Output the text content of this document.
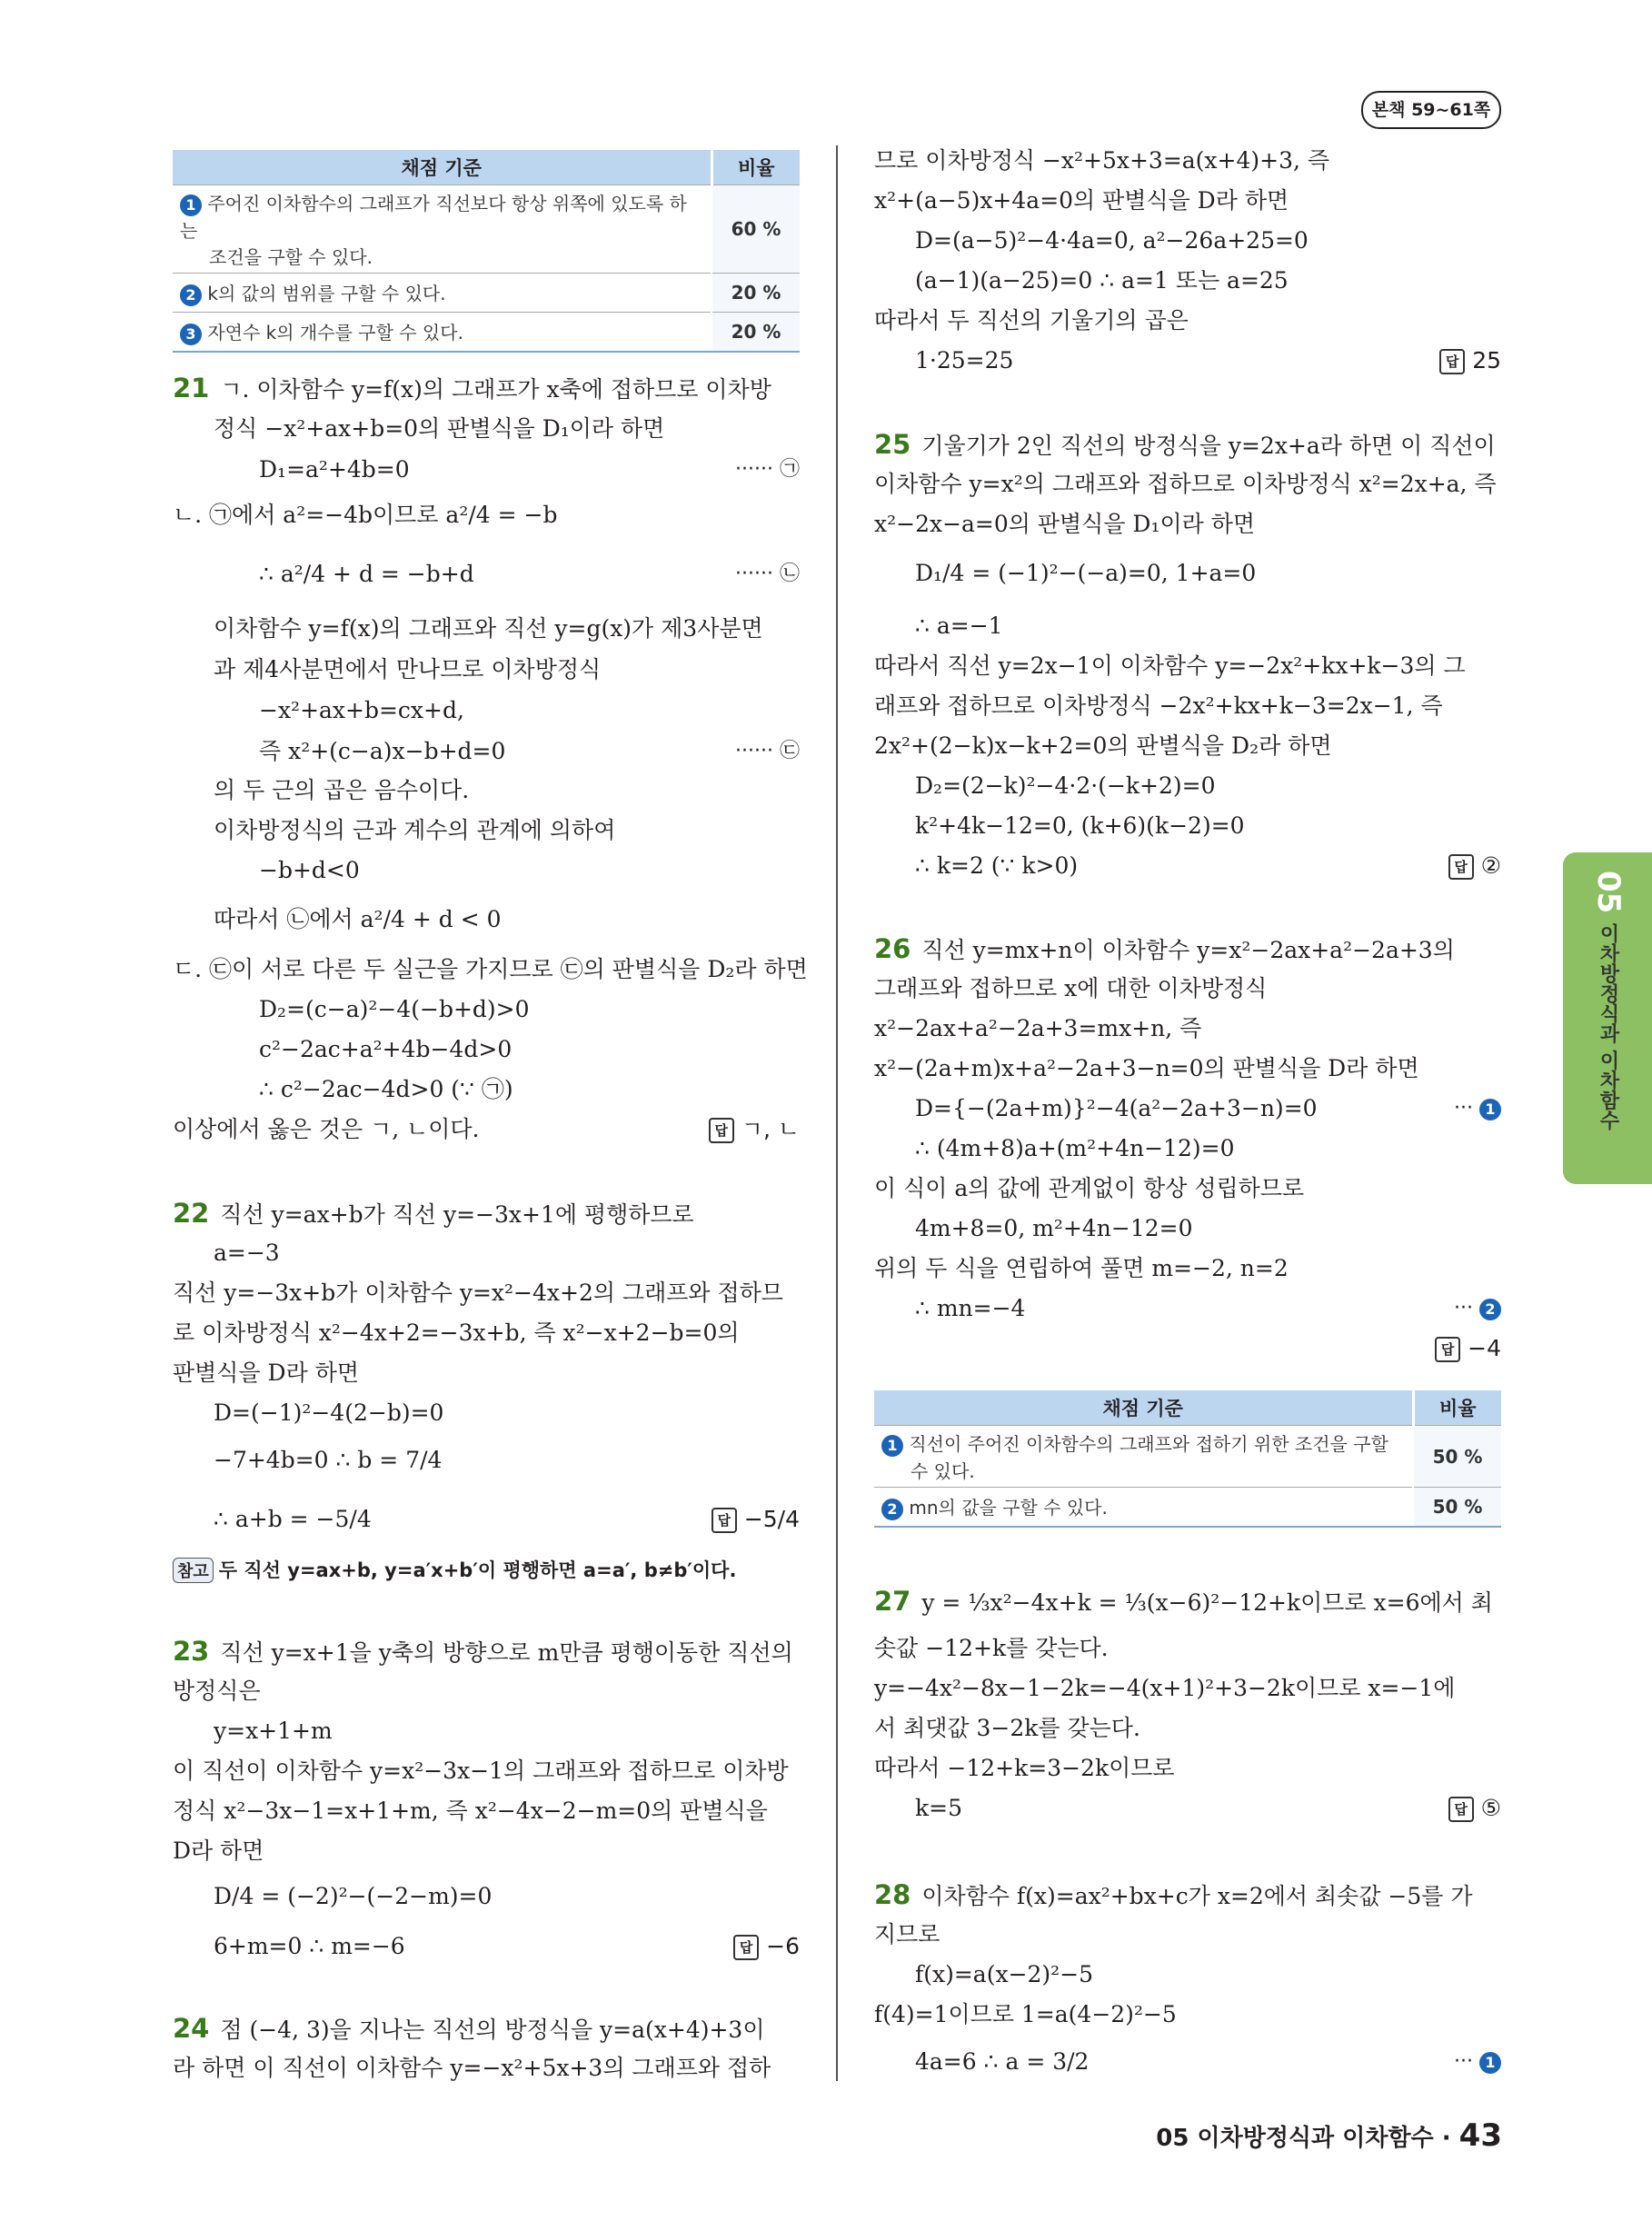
본책 59~61쪽
05
이차방정식과 이차함수
채점 기준	비율
1 주어진 이차함수의 그래프가 직선보다 항상 위쪽에 있도록 하는
조건을 구할 수 있다.	60 %
2 k의 값의 범위를 구할 수 있다.	20 %
3 자연수 k의 개수를 구할 수 있다.	20 %
21 ㄱ. 이차함수 y=f(x)의 그래프가 x축에 접하므로 이차방
정식 −x²+ax+b=0의 판별식을 D₁이라 하면
D₁=a²+4b=0	······ ㉠
ㄴ. ㉠에서 a²=−4b이므로 a²/4 = −b
∴ a²/4 + d = −b+d	······ ㉡
이차함수 y=f(x)의 그래프와 직선 y=g(x)가 제3사분면
과 제4사분면에서 만나므로 이차방정식
−x²+ax+b=cx+d,
즉 x²+(c−a)x−b+d=0	······ ㉢
의 두 근의 곱은 음수이다.
이차방정식의 근과 계수의 관계에 의하여
−b+d<0
따라서 ㉡에서 a²/4 + d < 0
ㄷ. ㉢이 서로 다른 두 실근을 가지므로 ㉢의 판별식을 D₂라 하면
D₂=(c−a)²−4(−b+d)>0
c²−2ac+a²+4b−4d>0
∴ c²−2ac−4d>0 (∵ ㉠)
이상에서 옳은 것은 ㄱ, ㄴ이다.	답 ㄱ, ㄴ
22 직선 y=ax+b가 직선 y=−3x+1에 평행하므로
a=−3
직선 y=−3x+b가 이차함수 y=x²−4x+2의 그래프와 접하므
로 이차방정식 x²−4x+2=−3x+b, 즉 x²−x+2−b=0의
판별식을 D라 하면
D=(−1)²−4(2−b)=0
−7+4b=0 ∴ b = 7/4
∴ a+b = −5/4	답 −5/4
참고 두 직선 y=ax+b, y=a′x+b′이 평행하면 a=a′, b≠b′이다.
23 직선 y=x+1을 y축의 방향으로 m만큼 평행이동한 직선의
방정식은
y=x+1+m
이 직선이 이차함수 y=x²−3x−1의 그래프와 접하므로 이차방
정식 x²−3x−1=x+1+m, 즉 x²−4x−2−m=0의 판별식을
D라 하면
D/4 = (−2)²−(−2−m)=0
6+m=0 ∴ m=−6	답 −6
24 점 (−4, 3)을 지나는 직선의 방정식을 y=a(x+4)+3이
라 하면 이 직선이 이차함수 y=−x²+5x+3의 그래프와 접하
므로 이차방정식 −x²+5x+3=a(x+4)+3, 즉
x²+(a−5)x+4a=0의 판별식을 D라 하면
D=(a−5)²−4·4a=0, a²−26a+25=0
(a−1)(a−25)=0 ∴ a=1 또는 a=25
따라서 두 직선의 기울기의 곱은
1·25=25	답 25
25 기울기가 2인 직선의 방정식을 y=2x+a라 하면 이 직선이
이차함수 y=x²의 그래프와 접하므로 이차방정식 x²=2x+a, 즉
x²−2x−a=0의 판별식을 D₁이라 하면
D₁/4 = (−1)²−(−a)=0, 1+a=0
∴ a=−1
따라서 직선 y=2x−1이 이차함수 y=−2x²+kx+k−3의 그
래프와 접하므로 이차방정식 −2x²+kx+k−3=2x−1, 즉
2x²+(2−k)x−k+2=0의 판별식을 D₂라 하면
D₂=(2−k)²−4·2·(−k+2)=0
k²+4k−12=0, (k+6)(k−2)=0
∴ k=2 (∵ k>0)	답 ②
26 직선 y=mx+n이 이차함수 y=x²−2ax+a²−2a+3의
그래프와 접하므로 x에 대한 이차방정식
x²−2ax+a²−2a+3=mx+n, 즉
x²−(2a+m)x+a²−2a+3−n=0의 판별식을 D라 하면
D={−(2a+m)}²−4(a²−2a+3−n)=0	··· 1
∴ (4m+8)a+(m²+4n−12)=0
이 식이 a의 값에 관계없이 항상 성립하므로
4m+8=0, m²+4n−12=0
위의 두 식을 연립하여 풀면 m=−2, n=2
∴ mn=−4	··· 2
답 −4
채점 기준	비율
1 직선이 주어진 이차함수의 그래프와 접하기 위한 조건을 구할
수 있다.	50 %
2 mn의 값을 구할 수 있다.	50 %
27 y = ⅓x²−4x+k = ⅓(x−6)²−12+k이므로 x=6에서 최
솟값 −12+k를 갖는다.
y=−4x²−8x−1−2k=−4(x+1)²+3−2k이므로 x=−1에
서 최댓값 3−2k를 갖는다.
따라서 −12+k=3−2k이므로
k=5	답 ⑤
28 이차함수 f(x)=ax²+bx+c가 x=2에서 최솟값 −5를 가
지므로
f(x)=a(x−2)²−5
f(4)=1이므로 1=a(4−2)²−5
4a=6 ∴ a = 3/2	··· 1
05 이차방정식과 이차함수 · 43
